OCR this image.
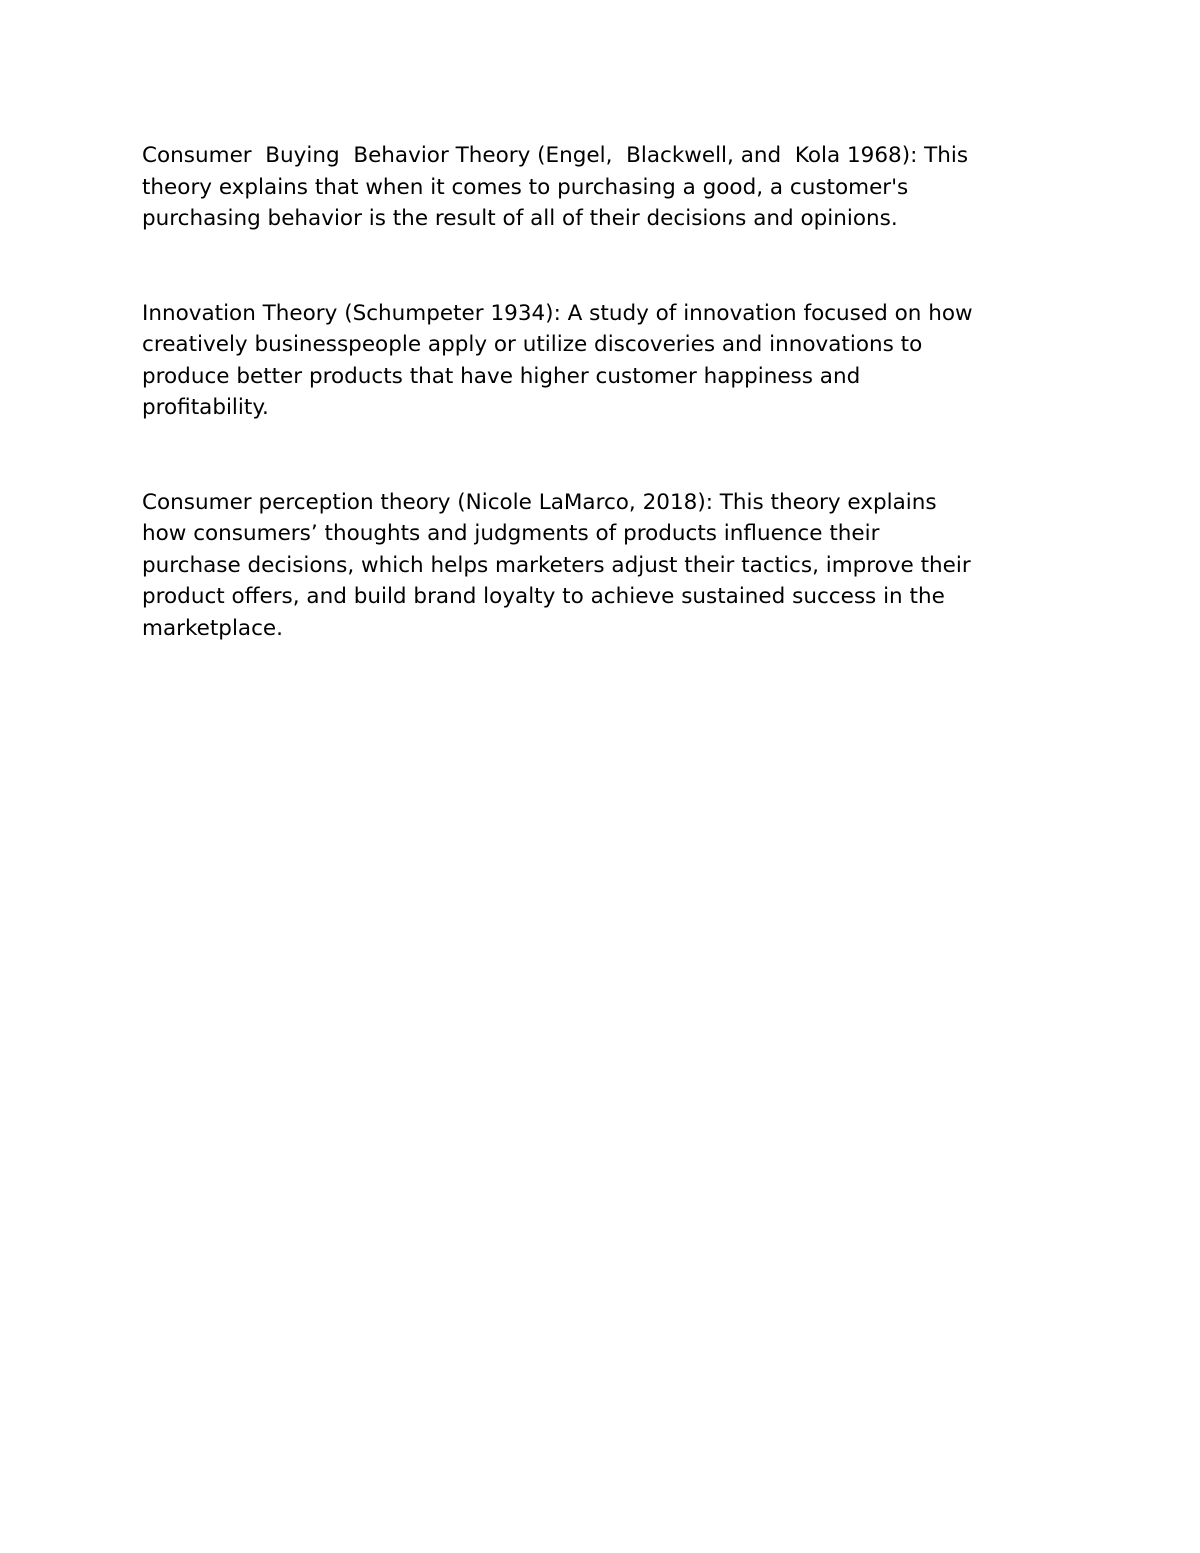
Consumer  Buying  Behavior Theory (Engel,  Blackwell, and  Kola 1968): This
theory explains that when it comes to purchasing a good, a customer's
purchasing behavior is the result of all of their decisions and opinions.

Innovation Theory (Schumpeter 1934): A study of innovation focused on how
creatively businesspeople apply or utilize discoveries and innovations to
produce better products that have higher customer happiness and
profitability.

Consumer perception theory (Nicole LaMarco, 2018): This theory explains
how consumers’ thoughts and judgments of products influence their
purchase decisions, which helps marketers adjust their tactics, improve their
product offers, and build brand loyalty to achieve sustained success in the
marketplace.
